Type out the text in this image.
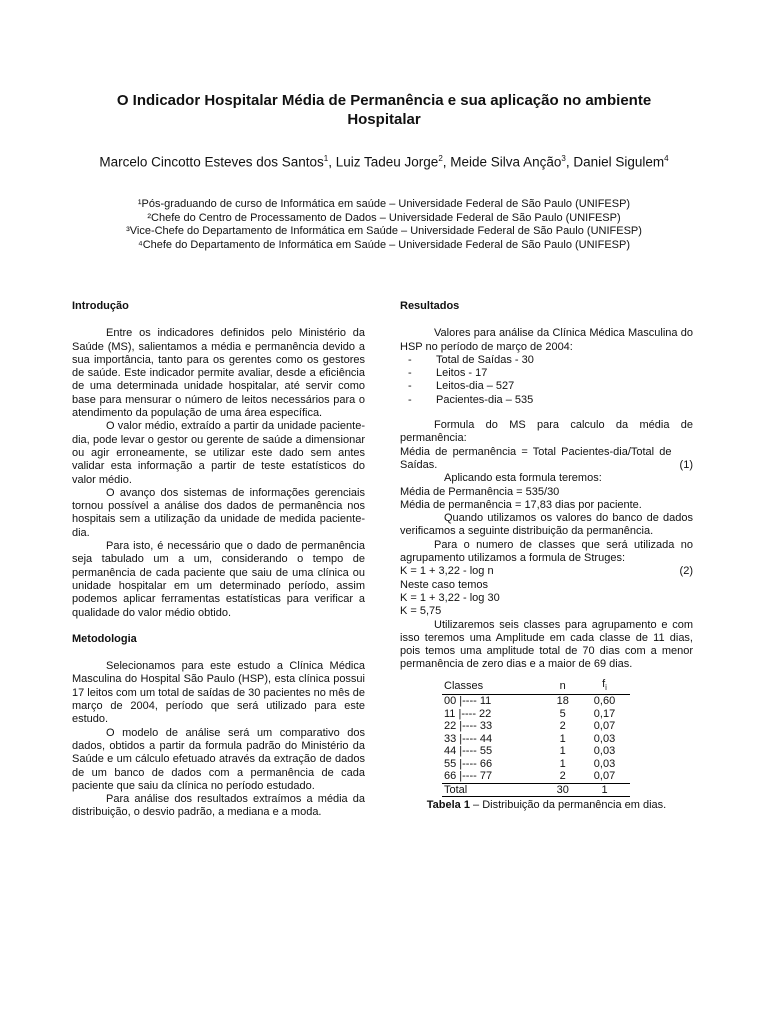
O Indicador Hospitalar Média de Permanência e sua aplicação no ambiente Hospitalar
Marcelo Cincotto Esteves dos Santos$^1$, Luiz Tadeu Jorge$^2$, Meide Silva Anção$^3$, Daniel Sigulem$^4$
¹Pós-graduando de curso de Informática em saúde – Universidade Federal de São Paulo (UNIFESP)
²Chefe do Centro de Processamento de Dados – Universidade Federal de São Paulo (UNIFESP)
³Vice-Chefe do Departamento de Informática em Saúde – Universidade Federal de São Paulo (UNIFESP)
⁴Chefe do Departamento de Informática em Saúde – Universidade Federal de São Paulo (UNIFESP)
Introdução

Entre os indicadores definidos pelo Ministério da Saúde (MS), salientamos a média e permanência devido a sua importância, tanto para os gerentes como os gestores de saúde. Este indicador permite avaliar, desde a eficiência de uma determinada unidade hospitalar, até servir como base para mensurar o número de leitos necessários para o atendimento da população de uma área específica.

O valor médio, extraído a partir da unidade paciente-dia, pode levar o gestor ou gerente de saúde a dimensionar ou agir erroneamente, se utilizar este dado sem antes validar esta informação a partir de teste estatísticos do valor médio.

O avanço dos sistemas de informações gerenciais tornou possível a análise dos dados de permanência nos hospitais sem a utilização da unidade de medida paciente-dia.

Para isto, é necessário que o dado de permanência seja tabulado um a um, considerando o tempo de permanência de cada paciente que saiu de uma clínica ou unidade hospitalar em um determinado período, assim podemos aplicar ferramentas estatísticas para verificar a qualidade do valor médio obtido.

Metodologia

Selecionamos para este estudo a Clínica Médica Masculina do Hospital São Paulo (HSP), esta clínica possui 17 leitos com um total de saídas de 30 pacientes no mês de março de 2004, período que será utilizado para este estudo.

O modelo de análise será um comparativo dos dados, obtidos a partir da formula padrão do Ministério da Saúde e um cálculo efetuado através da extração de dados de um banco de dados com a permanência de cada paciente que saiu da clínica no período estudado.

Para análise dos resultados extraímos a média da distribuição, o desvio padrão, a mediana e a moda.

Resultados

Valores para análise da Clínica Médica Masculina do HSP no período de março de 2004:

- Total de Saídas - 30
- Leitos - 17
- Leitos-dia – 527
- Pacientes-dia – 535

Formula do MS para calculo da média de permanência:

Média de permanência = Total Pacientes-dia/Total de Saídas.	(1)

Aplicando esta formula teremos:

Média de Permanência = 535/30

Média de permanência = 17,83 dias por paciente.

Quando utilizamos os valores do banco de dados verificamos a seguinte distribuição da permanência.

Para o numero de classes que será utilizada no agrupamento utilizamos a formula de Struges:

K = 1 + 3,22 - log n	(2)

Neste caso temos

K = 1 + 3,22 - log 30

K = 5,75

Utilizaremos seis classes para agrupamento e com isso teremos uma Amplitude em cada classe de 11 dias, pois temos uma amplitude total de 70 dias com a menor permanência de zero dias e a maior de 69 dias.

Classes	n	$f_i$
00 |---- 11	18	0,60
11 |---- 22	5	0,17
22 |---- 33	2	0,07
33 |---- 44	1	0,03
44 |---- 55	1	0,03
55 |---- 66	1	0,03
66 |---- 77	2	0,07
Total	30	1
Tabela 1 – Distribuição da permanência em dias.
